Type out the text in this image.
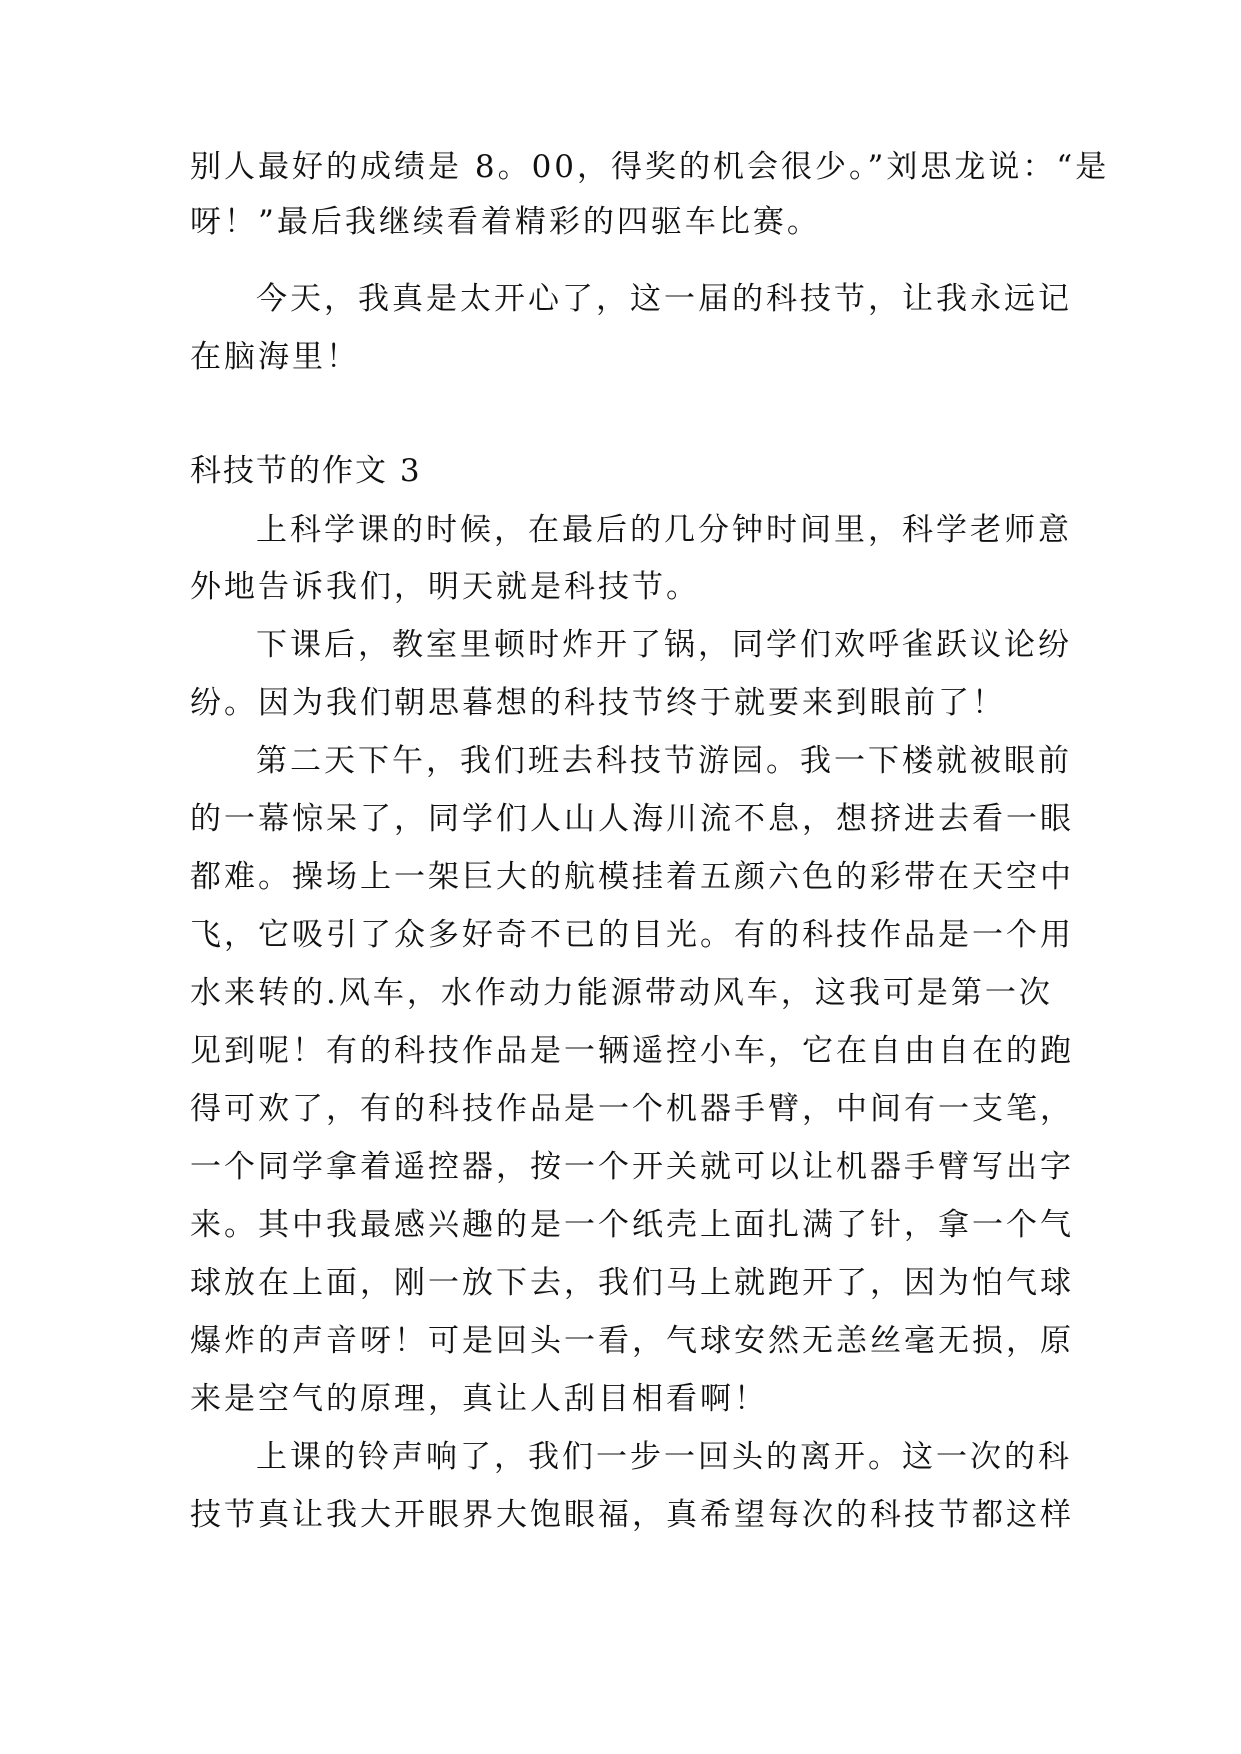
别人最好的成绩是 8。00，得奖的机会很少。”刘思龙说：“是
呀！”最后我继续看着精彩的四驱车比赛。
今天，我真是太开心了，这一届的科技节，让我永远记
在脑海里！
科技节的作文 3
上科学课的时候，在最后的几分钟时间里，科学老师意
外地告诉我们，明天就是科技节。
下课后，教室里顿时炸开了锅，同学们欢呼雀跃议论纷
纷。因为我们朝思暮想的科技节终于就要来到眼前了！
第二天下午，我们班去科技节游园。我一下楼就被眼前
的一幕惊呆了，同学们人山人海川流不息，想挤进去看一眼
都难。操场上一架巨大的航模挂着五颜六色的彩带在天空中
飞，它吸引了众多好奇不已的目光。有的科技作品是一个用
水来转的.风车，水作动力能源带动风车，这我可是第一次
见到呢！有的科技作品是一辆遥控小车，它在自由自在的跑
得可欢了，有的科技作品是一个机器手臂，中间有一支笔，
一个同学拿着遥控器，按一个开关就可以让机器手臂写出字
来。其中我最感兴趣的是一个纸壳上面扎满了针，拿一个气
球放在上面，刚一放下去，我们马上就跑开了，因为怕气球
爆炸的声音呀！可是回头一看，气球安然无恙丝毫无损，原
来是空气的原理，真让人刮目相看啊！
上课的铃声响了，我们一步一回头的离开。这一次的科
技节真让我大开眼界大饱眼福，真希望每次的科技节都这样
